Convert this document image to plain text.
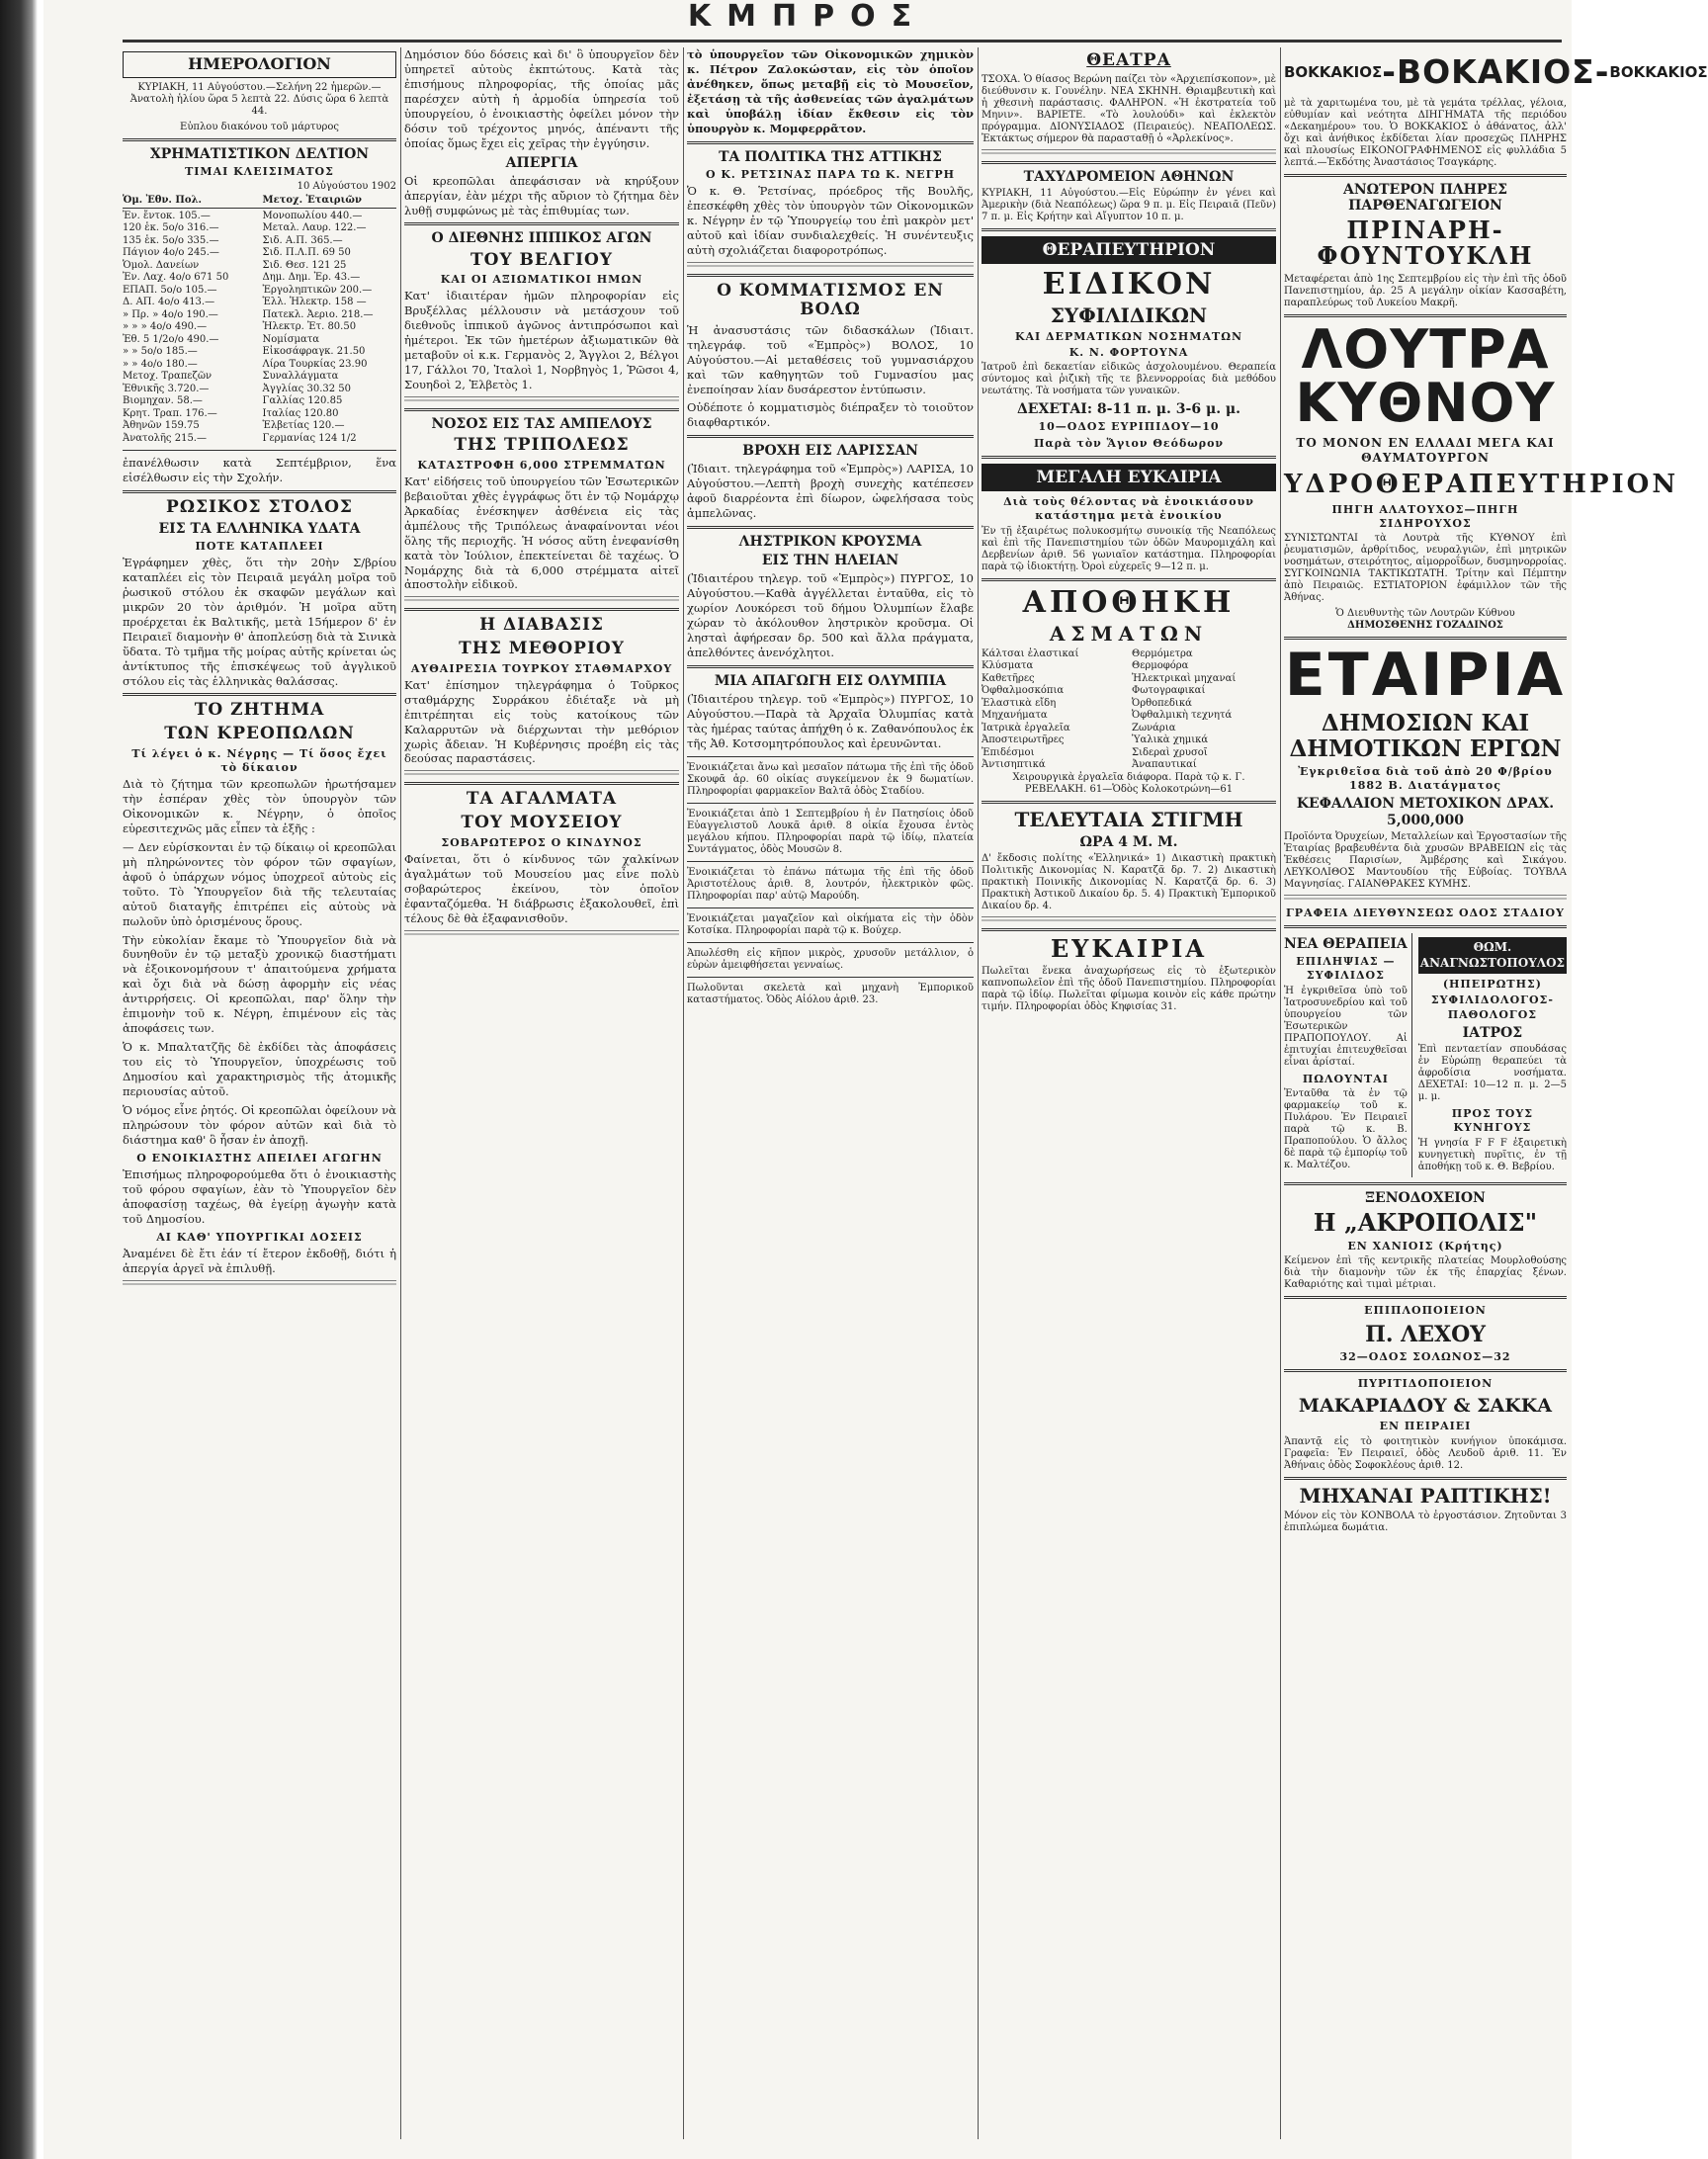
ΚΜΠΡΟΣ
ΗΜΕΡΟΛΟΓΙΟΝ

ΚΥΡΙΑΚΗ, 11 Αὐγούστου.—Σελήνη 22 ἡμερῶν.—Ἀνατολὴ ἡλίου ὥρα 5 λεπτὰ 22. Δύσις ὥρα 6 λεπτὰ 44.

Εὐπλου διακόνου τοῦ μάρτυρος

ΧΡΗΜΑΤΙΣΤΙΚΟΝ ΔΕΛΤΙΟΝ
ΤΙΜΑΙ ΚΛΕΙΣΙΜΑΤΟΣ
10 Αὐγούστου 1902
Ὁμ. Ἐθν. Πολ.	Μετοχ. Ἑταιριῶν
Ἐν. ἔντοκ. 105.—
120 ἑκ. 5ο/ο 316.—
135 ἑκ. 5ο/ο 335.—
Πάγιον 4ο/ο 245.—
Ὁμολ. Δανείων
Ἐν. Λαχ. 4ο/ο 671 50
ΕΠΑΠ. 5ο/ο 105.—
Δ. ΑΠ. 4ο/ο 413.—
» Πρ. » 4ο/ο 190.—
» » » 4ο/ο 490.—
Ἐθ. 5 1/2ο/ο 490.—
» » 5ο/ο 185.—
» » 4ο/ο 180.—
Μετοχ. Τραπεζῶν
Ἐθνικῆς 3.720.—
Βιομηχαν. 58.—
Κρητ. Τραπ. 176.—
Ἀθηνῶν 159.75
Ἀνατολῆς 215.—
Μονοπωλίου 440.—
Μεταλ. Λαυρ. 122.—
Σιδ. Α.Π. 365.—
Σιδ. Π.Λ.Π. 69 50
Σιδ. Θεσ. 121 25
Δημ. Δημ. Ἐρ. 43.—
Ἐργοληπτικῶν 200.—
Ἑλλ. Ἡλεκτρ. 158 —
Πατεκλ. Ἀεριο. 218.—
Ἠλεκτρ. Ἐτ. 80.50
Νομίσματα
Εἰκοσάφραγκ. 21.50
Λίρα Τουρκίας 23.90
Συναλλάγματα
Ἀγγλίας 30.32 50
Γαλλίας 120.85
Ιταλίας 120.80
Ἑλβετίας 120.—
Γερμανίας 124 1/2

ἐπανέλθωσιν κατὰ Σεπτέμβριον, ἕνα εἰσέλθωσιν εἰς τὴν Σχολήν.

ΡΩΣΙΚΟΣ ΣΤΟΛΟΣ
ΕΙΣ ΤΑ ΕΛΛΗΝΙΚΑ ΥΔΑΤΑ
ΠΟΤΕ ΚΑΤΑΠΛΕΕΙ

Ἐγράφημεν χθὲς, ὅτι τὴν 20ὴν Σ/βρίου καταπλέει εἰς τὸν Πειραιᾶ μεγάλη μοῖρα τοῦ ῥωσικοῦ στόλου ἐκ σκαφῶν μεγάλων καὶ μικρῶν 20 τὸν ἀριθμόν. Ἡ μοῖρα αὕτη προέρχεται ἐκ Βαλτικῆς, μετὰ 15ήμερον δ' ἐν Πειραιεῖ διαμονὴν θ' ἀποπλεύσῃ διὰ τὰ Σινικὰ ὕδατα. Τὸ τμῆμα τῆς μοίρας αὐτῆς κρίνεται ὡς ἀντίκτυπος τῆς ἐπισκέψεως τοῦ ἀγγλικοῦ στόλου εἰς τὰς ἑλληνικὰς θαλάσσας.

ΤΟ ΖΗΤΗΜΑ
ΤΩΝ ΚΡΕΟΠΩΛΩΝ
Τί λέγει ὁ κ. Νέγρης — Τί ὅσος ἔχει τὸ δίκαιον

Διὰ τὸ ζήτημα τῶν κρεοπωλῶν ἠρωτήσαμεν τὴν ἑσπέραν χθὲς τὸν ὑπουργὸν τῶν Οἰκονομικῶν κ. Νέγρην, ὁ ὁποῖος εὑρεσιτεχνῶς μᾶς εἶπεν τὰ ἑξῆς :

— Δεν εὑρίσκονται ἐν τῷ δίκαιῳ οἱ κρεοπῶλαι μὴ πληρώνοντες τὸν φόρον τῶν σφαγίων, ἀφοῦ ὁ ὑπάρχων νόμος ὑποχρεοῖ αὐτοὺς εἰς τοῦτο. Τὸ Ὑπουργεῖον διὰ τῆς τελευταίας αὐτοῦ διαταγῆς ἐπιτρέπει εἰς αὐτοὺς νὰ πωλοῦν ὑπὸ ὁρισμένους ὅρους.

Τὴν εὐκολίαν ἔκαμε τὸ Ὑπουργεῖον διὰ νὰ δυνηθοῦν ἐν τῷ μεταξὺ χρονικῷ διαστήματι νὰ ἐξοικονομήσουν τ' ἀπαιτούμενα χρήματα καὶ ὄχι διὰ νὰ δώσῃ ἀφορμὴν εἰς νέας ἀντιρρήσεις. Οἱ κρεοπῶλαι, παρ' ὅλην τὴν ἐπιμονὴν τοῦ κ. Νέγρη, ἐπιμένουν εἰς τὰς ἀποφάσεις των.

Ὁ κ. Μπαλτατζῆς δὲ ἐκδίδει τὰς ἀποφάσεις του εἰς τὸ Ὑπουργεῖον, ὑποχρέωσις τοῦ Δημοσίου καὶ χαρακτηρισμὸς τῆς ἀτομικῆς περιουσίας αὐτοῦ.

Ὁ νόμος εἶνε ῥητός. Οἱ κρεοπῶλαι ὀφείλουν νὰ πληρώσουν τὸν φόρον αὐτῶν καὶ διὰ τὸ διάστημα καθ' ὃ ἦσαν ἐν ἀποχῇ.

Ο ΕΝΟΙΚΙΑΣΤΗΣ ΑΠΕΙΛΕΙ ΑΓΩΓΗΝ

Ἐπισήμως πληροφορούμεθα ὅτι ὁ ἐνοικιαστὴς τοῦ φόρου σφαγίων, ἐὰν τὸ Ὑπουργεῖον δὲν ἀποφασίσῃ ταχέως, θὰ ἐγείρῃ ἀγωγὴν κατὰ τοῦ Δημοσίου.

ΑΙ ΚΑΘ' ΥΠΟΥΡΓΙΚΑΙ ΔΟΣΕΙΣ

Ἀναμένει δὲ ἔτι ἐάν τί ἔτερον ἐκδοθῇ, διότι ἡ ἀπεργία ἀργεῖ νὰ ἐπιλυθῇ.

Δημόσιον δύο δόσεις καὶ δι' ὃ ὑπουργεῖον δὲν ὑπηρετεῖ αὐτοὺς ἐκπτώτους. Κατὰ τὰς ἐπισήμους πληροφορίας, τῆς ὁποίας μᾶς παρέσχεν αὐτὴ ἡ ἀρμοδία ὑπηρεσία τοῦ ὑπουργείου, ὁ ἐνοικιαστὴς ὀφείλει μόνον τὴν δόσιν τοῦ τρέχοντος μηνός, ἀπέναντι τῆς ὁποίας ὅμως ἔχει εἰς χεῖρας τὴν ἐγγύησιν.

ΑΠΕΡΓΙΑ

Οἱ κρεοπῶλαι ἀπεφάσισαν νὰ κηρύξουν ἀπεργίαν, ἐὰν μέχρι τῆς αὔριον τὸ ζήτημα δὲν λυθῇ συμφώνως μὲ τὰς ἐπιθυμίας των.

Ο ΔΙΕΘΝΗΣ ΙΠΠΙΚΟΣ ΑΓΩΝ
ΤΟΥ ΒΕΛΓΙΟΥ
ΚΑΙ ΟΙ ΑΞΙΩΜΑΤΙΚΟΙ ΗΜΩΝ

Κατ' ἰδιαιτέραν ἡμῶν πληροφορίαν εἰς Βρυξέλλας μέλλουσιν νὰ μετάσχουν τοῦ διεθνοῦς ἱππικοῦ ἀγῶνος ἀντιπρόσωποι καὶ ἡμέτεροι. Ἐκ τῶν ἡμετέρων ἀξιωματικῶν θὰ μεταβοῦν οἱ κ.κ. Γερμανὸς 2, Ἄγγλοι 2, Βέλγοι 17, Γάλλοι 70, Ἰταλοὶ 1, Νορβηγὸς 1, Ῥῶσοι 4, Σουηδοὶ 2, Ἑλβετὸς 1.

ΝΟΣΟΣ ΕΙΣ ΤΑΣ ΑΜΠΕΛΟΥΣ
ΤΗΣ ΤΡΙΠΟΛΕΩΣ
ΚΑΤΑΣΤΡΟΦΗ 6,000 ΣΤΡΕΜΜΑΤΩΝ

Κατ' εἰδήσεις τοῦ ὑπουργείου τῶν Ἐσωτερικῶν βεβαιοῦται χθὲς ἐγγράφως ὅτι ἐν τῷ Νομάρχῳ Ἀρκαδίας ἐνέσκηψεν ἀσθένεια εἰς τὰς ἀμπέλους τῆς Τριπόλεως ἀναφαίνονται νέοι ὅλης τῆς περιοχῆς. Ἡ νόσος αὕτη ἐνεφανίσθη κατὰ τὸν Ἰούλιον, ἐπεκτείνεται δὲ ταχέως. Ὁ Νομάρχης διὰ τὰ 6,000 στρέμματα αἰτεῖ ἀποστολὴν εἰδικοῦ.

Η ΔΙΑΒΑΣΙΣ
ΤΗΣ ΜΕΘΟΡΙΟΥ
ΑΥΘΑΙΡΕΣΙΑ ΤΟΥΡΚΟΥ ΣΤΑΘΜΑΡΧΟΥ

Κατ' ἐπίσημον τηλεγράφημα ὁ Τοῦρκος σταθμάρχης Συρράκου ἐδιέταξε νὰ μὴ ἐπιτρέπηται εἰς τοὺς κατοίκους τῶν Καλαρρυτῶν νὰ διέρχωνται τὴν μεθόριον χωρὶς ἄδειαν. Ἡ Κυβέρνησις προέβη εἰς τὰς δεούσας παραστάσεις.

ΤΑ ΑΓΑΛΜΑΤΑ
ΤΟΥ ΜΟΥΣΕΙΟΥ
ΣΟΒΑΡΩΤΕΡΟΣ Ο ΚΙΝΔΥΝΟΣ

Φαίνεται, ὅτι ὁ κίνδυνος τῶν χαλκίνων ἀγαλμάτων τοῦ Μουσείου μας εἶνε πολὺ σοβαρώτερος ἐκείνου, τὸν ὁποῖον ἐφανταζόμεθα. Ἡ διάβρωσις ἐξακολουθεῖ, ἐπὶ τέλους δὲ θὰ ἐξαφανισθοῦν.

τὸ ὑπουργεῖον τῶν Οἰκονομικῶν χημικὸν κ. Πέτρον Ζαλοκώσταν, εἰς τὸν ὁποῖον ἀνέθηκεν, ὅπως μεταβῇ εἰς τὸ Μουσεῖον, ἐξετάσῃ τὰ τῆς ἀσθενείας τῶν ἀγαλμάτων καὶ ὑποβάλῃ ἰδίαν ἔκθεσιν εἰς τὸν ὑπουργὸν κ. Μομφερρᾶτον.

ΤΑ ΠΟΛΙΤΙΚΑ ΤΗΣ ΑΤΤΙΚΗΣ
Ο Κ. ΡΕΤΣΙΝΑΣ ΠΑΡΑ ΤΩ Κ. ΝΕΓΡΗ

Ὁ κ. Θ. Ῥετσίνας, πρόεδρος τῆς Βουλῆς, ἐπεσκέφθη χθὲς τὸν ὑπουργὸν τῶν Οἰκονομικῶν κ. Νέγρην ἐν τῷ Ὑπουργείῳ του ἐπὶ μακρὸν μετ' αὐτοῦ καὶ ἰδίαν συνδιαλεχθείς. Ἡ συνέντευξις αὐτὴ σχολιάζεται διαφοροτρόπως.

Ο ΚΟΜΜΑΤΙΣΜΟΣ ΕΝ ΒΟΛΩ

Ἡ ἀνασυστάσις τῶν διδασκάλων (Ἰδιαιτ. τηλεγράφ. τοῦ «Ἐμπρὸς») ΒΟΛΟΣ, 10 Αὐγούστου.—Αἱ μεταθέσεις τοῦ γυμνασιάρχου καὶ τῶν καθηγητῶν τοῦ Γυμνασίου μας ἐνεποίησαν λίαν δυσάρεστον ἐντύπωσιν.

Οὐδέποτε ὁ κομματισμὸς διέπραξεν τὸ τοιοῦτον διαφθαρτικόν.

ΒΡΟΧΗ ΕΙΣ ΛΑΡΙΣΣΑΝ

(Ἰδιαιτ. τηλεγράφημα τοῦ «Ἐμπρὸς») ΛΑΡΙΣΑ, 10 Αὐγούστου.—Λεπτὴ βροχὴ συνεχὴς κατέπεσεν ἀφοῦ διαρρέοντα ἐπὶ δίωρον, ὠφελήσασα τοὺς ἀμπελῶνας.

ΛΗΣΤΡΙΚΟΝ ΚΡΟΥΣΜΑ
ΕΙΣ ΤΗΝ ΗΛΕΙΑΝ

(Ἰδιαιτέρου τηλεγρ. τοῦ «Ἐμπρὸς») ΠΥΡΓΟΣ, 10 Αὐγούστου.—Καθὰ ἀγγέλλεται ἐνταῦθα, εἰς τὸ χωρίον Λουκόρεσι τοῦ δήμου Ὀλυμπίων ἔλαβε χώραν τὸ ἀκόλουθον ληστρικὸν κροῦσμα. Οἱ λησταὶ ἀφήρεσαν δρ. 500 καὶ ἄλλα πράγματα, ἀπελθόντες ἀνενόχλητοι.

ΜΙΑ ΑΠΑΓΩΓΗ ΕΙΣ ΟΛΥΜΠΙΑ

(Ἰδιαιτέρου τηλεγρ. τοῦ «Ἐμπρὸς») ΠΥΡΓΟΣ, 10 Αὐγούστου.—Παρὰ τὰ Ἀρχαῖα Ὀλυμπίας κατὰ τὰς ἡμέρας ταύτας ἀπήχθη ὁ κ. Ζαθανόπουλος ἐκ τῆς Ἀθ. Κοτσομητρόπουλος καὶ ἐρευνῶνται.

Ἐνοικιάζεται ἄνω καὶ μεσαῖον πάτωμα τῆς ἐπὶ τῆς ὁδοῦ Σκουφᾶ ἀρ. 60 οἰκίας συγκείμενον ἐκ 9 δωματίων. Πληροφορίαι φαρμακεῖον Βαλτᾶ ὁδὸς Σταδίου.

Ἐνοικιάζεται ἀπὸ 1 Σεπτεμβρίου ἡ ἐν Πατησίοις ὁδοῦ Εὐαγγελιστοῦ Λουκᾶ ἀριθ. 8 οἰκία ἔχουσα ἐντὸς μεγάλου κήπου. Πληροφορίαι παρὰ τῷ ἰδίῳ, πλατεία Συντάγματος, ὁδὸς Μουσῶν 8.

Ἐνοικιάζεται τὸ ἐπάνω πάτωμα τῆς ἐπὶ τῆς ὁδοῦ Ἀριστοτέλους ἀριθ. 8, λουτρόν, ἠλεκτρικὸν φῶς. Πληροφορίαι παρ' αὐτῷ Μαρούδη.

Ἐνοικιάζεται μαγαζεῖον καὶ οἰκήματα εἰς τὴν ὁδὸν Κοτσίκα. Πληροφορίαι παρὰ τῷ κ. Βούχερ.

Ἀπωλέσθη εἰς κῆπον μικρὸς, χρυσοῦν μετάλλιον, ὁ εὑρὼν ἀμειφθήσεται γενναίως.

Πωλοῦνται σκελετὰ καὶ μηχανὴ Ἐμπορικοῦ καταστήματος. Ὁδὸς Αἰόλου ἀριθ. 23.

ΘΕΑΤΡΑ

ΤΣΟΧΑ. Ὁ θίασος Βερώνη παίζει τὸν «Ἀρχιεπίσκοπον», μὲ διεύθυνσιν κ. Γουνέλην. ΝΕΑ ΣΚΗΝΗ. Θριαμβευτικὴ καὶ ἡ χθεσινὴ παράστασις. ΦΑΛΗΡΟΝ. «Ἡ ἐκστρατεία τοῦ Μηνιν». ΒΑΡΙΕΤΕ. «Τὸ λουλούδι» καὶ ἐκλεκτὸν πρόγραμμα. ΔΙΟΝΥΣΙΑΔΟΣ (Πειραιεύς). ΝΕΑΠΟΛΕΩΣ. Ἐκτάκτως σήμερον θὰ παρασταθῇ ὁ «Ἀρλεκίνος».

ΤΑΧΥΔΡΟΜΕΙΟΝ ΑΘΗΝΩΝ

ΚΥΡΙΑΚΗ, 11 Αὐγούστου.—Εἰς Εὐρώπην ἐν γένει καὶ Ἀμερικὴν (διὰ Νεαπόλεως) ὥρα 9 π. μ. Εἰς Πειραιᾶ (Πεῦν) 7 π. μ. Εἰς Κρήτην καὶ Αἴγυπτον 10 π. μ.

ΘΕΡΑΠΕΥΤΗΡΙΟΝ
ΕΙΔΙΚΟΝ
ΣΥΦΙΛΙΔΙΚΩΝ
ΚΑΙ ΔΕΡΜΑΤΙΚΩΝ ΝΟΣΗΜΑΤΩΝ
Κ. Ν. ΦΟΡΤΟΥΝΑ

Ἰατροῦ ἐπὶ δεκαετίαν εἰδικῶς ἀσχολουμένου. Θεραπεία σύντομος καὶ ῥιζικὴ τῆς τε βλεννορροίας διὰ μεθόδου νεωτάτης. Τὰ νοσήματα τῶν γυναικῶν.

ΔΕΧΕΤΑΙ: 8-11 π. μ. 3-6 μ. μ.
10—ΟΔΟΣ ΕΥΡΙΠΙΔΟΥ—10
Παρὰ τὸν Ἅγιον Θεόδωρον
ΜΕΓΑΛΗ ΕΥΚΑΙΡΙΑ
Διὰ τοὺς θέλοντας νὰ ἐνοικιάσουν κατάστημα μετὰ ἐνοικίου

Ἐν τῇ ἐξαιρέτως πολυκοσμήτῳ συνοικίᾳ τῆς Νεαπόλεως καὶ ἐπὶ τῆς Πανεπιστημίου τῶν ὁδῶν Μαυρομιχάλη καὶ Δερβενίων ἀριθ. 56 γωνιαῖον κατάστημα. Πληροφορίαι παρὰ τῷ ἰδιοκτήτῃ. Ὀροὶ εὐχερεῖς 9—12 π. μ.

ΑΠΟΘΗΚΗ
ΑΣΜΑΤΩΝ
Κάλτσαι ἐλαστικαί
Κλύσματα
Καθετῆρες
Ὀφθαλμοσκόπια
Ἐλαστικὰ εἴδη
Μηχανήματα
Ἰατρικὰ ἐργαλεῖα
Ἀποστειρωτῆρες
Ἐπιδέσμοι
Ἀντισηπτικά
Θερμόμετρα
Θερμοφόρα
Ἠλεκτρικαὶ μηχαναί
Φωτογραφικαί
Ὀρθοπεδικά
Ὀφθαλμικὴ τεχνητά
Ζωνάρια
Ὑαλικὰ χημικά
Σιδεραὶ χρυσοῖ
Ἀναπαυτικαί

Χειρουργικὰ ἐργαλεῖα διάφορα. Παρὰ τῷ κ. Γ. ΡΕΒΕΛΑΚΗ. 61—Ὁδὸς Κολοκοτρώνη—61

ΤΕΛΕΥΤΑΙΑ ΣΤΙΓΜΗ
ΩΡΑ 4 Μ. Μ.

Δ' ἔκδοσις πολίτης «Ἑλληνικά» 1) Δικαστικὴ πρακτικὴ Πολιτικῆς Δικονομίας Ν. Καρατζᾶ δρ. 7. 2) Δικαστικὴ πρακτικὴ Ποινικῆς Δικονομίας Ν. Καρατζᾶ δρ. 6. 3) Πρακτικὴ Ἀστικοῦ Δικαίου δρ. 5. 4) Πρακτικὴ Ἐμπορικοῦ Δικαίου δρ. 4.

ΕΥΚΑΙΡΙΑ

Πωλεῖται ἕνεκα ἀναχωρήσεως εἰς τὸ ἐξωτερικὸν καπνοπωλεῖον ἐπὶ τῆς ὁδοῦ Πανεπιστημίου. Πληροφορίαι παρὰ τῷ ἰδίῳ. Πωλεῖται φίμωμα κοινὸν εἰς κάθε πρώτην τιμήν. Πληροφορίαι ὁδὸς Κηφισίας 31.

ΒΟΚΚΑΚΙΟΣ -ΒΟΚΑΚΙΟΣ- ΒΟΚΚΑΚΙΟΣ

μὲ τὰ χαριτωμένα του, μὲ τὰ γεμάτα τρέλλας, γέλοια, εὐθυμίαν καὶ νεότητα ΔΙΗΓΗΜΑΤΑ τῆς περιόδου «Δεκαημέρου» του. Ὁ ΒΟΚΚΑΚΙΟΣ ὁ ἀθάνατος, ἀλλ' ὄχι καὶ ἀνήθικος ἐκδίδεται λίαν προσεχῶς ΠΛΗΡΗΣ καὶ πλουσίως ΕΙΚΟΝΟΓΡΑΦΗΜΕΝΟΣ εἰς φυλλάδια 5 λεπτά.—Ἐκδότης Ἀναστάσιος Τσαγκάρης.

ΑΝΩΤΕΡΟΝ ΠΛΗΡΕΣ ΠΑΡΘΕΝΑΓΩΓΕΙΟΝ
ΠΡΙΝΑΡΗ-ΦΟΥΝΤΟΥΚΛΗ

Μεταφέρεται ἀπὸ 1ης Σεπτεμβρίου εἰς τὴν ἐπὶ τῆς ὁδοῦ Πανεπιστημίου, ἀρ. 25 Α μεγάλην οἰκίαν Κασσαβέτη, παραπλεύρως τοῦ Λυκείου Μακρῆ.

ΛΟΥΤΡΑ ΚΥΘΝΟΥ
ΤΟ ΜΟΝΟΝ ΕΝ ΕΛΛΑΔΙ ΜΕΓΑ ΚΑΙ ΘΑΥΜΑΤΟΥΡΓΟΝ
ΥΔΡΟΘΕΡΑΠΕΥΤΗΡΙΟΝ
ΠΗΓΗ ΑΛΑΤΟΥΧΟΣ—ΠΗΓΗ ΣΙΔΗΡΟΥΧΟΣ

ΣΥΝΙΣΤΩΝΤΑΙ τὰ Λουτρὰ τῆς ΚΥΘΝΟΥ ἐπὶ ῥευματισμῶν, ἀρθρίτιδος, νευραλγιῶν, ἐπὶ μητρικῶν νοσημάτων, στειρότητος, αἰμορροΐδων, δυσμηνορροίας. ΣΥΓΚΟΙΝΩΝΙΑ ΤΑΚΤΙΚΩΤΑΤΗ. Τρίτην καὶ Πέμπτην ἀπὸ Πειραιῶς. ΕΣΤΙΑΤΟΡΙΟΝ ἐφάμιλλον τῶν τῆς Ἀθήνας.

Ὁ Διευθυντὴς τῶν Λουτρῶν Κύθνου
ΔΗΜΟΣΘΕΝΗΣ ΓΟΖΑΔΙΝΟΣ
ΕΤΑΙΡΙΑ
ΔΗΜΟΣΙΩΝ ΚΑΙ ΔΗΜΟΤΙΚΩΝ ΕΡΓΩΝ
Ἐγκριθεῖσα διὰ τοῦ ἀπὸ 20 Φ/βρίου 1882 Β. Διατάγματος
ΚΕΦΑΛΑΙΟΝ ΜΕΤΟΧΙΚΟΝ ΔΡΑΧ. 5,000,000

Προϊόντα Ὀρυχείων, Μεταλλείων καὶ Ἐργοστασίων τῆς Ἑταιρίας βραβευθέντα διὰ χρυσῶν ΒΡΑΒΕΙΩΝ εἰς τὰς Ἐκθέσεις Παρισίων, Ἀμβέρσης καὶ Σικάγου. ΛΕΥΚΟΛΙΘΟΣ Μαντουδίου τῆς Εὐβοίας. ΤΟΥΒΛΑ Μαγνησίας. ΓΑΙΑΝΘΡΑΚΕΣ ΚΥΜΗΣ.

ΓΡΑΦΕΙΑ ΔΙΕΥΘΥΝΣΕΩΣ ΟΔΟΣ ΣΤΑΔΙΟΥ
ΝΕΑ ΘΕΡΑΠΕΙΑ
ΕΠΙΛΗΨΙΑΣ — ΣΥΦΙΛΙΔΟΣ

Ἡ ἐγκριθεῖσα ὑπὸ τοῦ Ἰατροσυνεδρίου καὶ τοῦ ὑπουργείου τῶν Ἐσωτερικῶν ΠΡΑΠΟΠΟΥΛΟΥ. Αἱ ἐπιτυχίαι ἐπιτευχθεῖσαι εἶναι ἀρίσταί.

ΠΩΛΟΥΝΤΑΙ

Ἐνταῦθα τὰ ἐν τῷ φαρμακείῳ τοῦ κ. Πυλάρου. Ἐν Πειραιεῖ παρὰ τῷ κ. Β. Πραποπούλου. Ὁ ἄλλος δὲ παρὰ τῷ ἐμπορίῳ τοῦ κ. Μαλτέζου.

ΘΩΜ. ΑΝΑΓΝΩΣΤΟΠΟΥΛΟΣ
(ΗΠΕΙΡΩΤΗΣ)
ΣΥΦΙΛΙΔΟΛΟΓΟΣ-ΠΑΘΟΛΟΓΟΣ
ΙΑΤΡΟΣ

Ἐπὶ πενταετίαν σπουδάσας ἐν Εὐρώπῃ θεραπεύει τὰ ἀφροδίσια νοσήματα. ΔΕΧΕΤΑΙ: 10—12 π. μ. 2—5 μ. μ.

ΠΡΟΣ ΤΟΥΣ ΚΥΝΗΓΟΥΣ

Ἡ γνησία F F F ἐξαιρετικὴ κυνηγετικὴ πυρῖτις, ἐν τῇ ἀποθήκῃ τοῦ κ. Θ. Βεβρίου.

ΞΕΝΟΔΟΧΕΙΟΝ
Η „ΑΚΡΟΠΟΛΙΣ"
ΕΝ ΧΑΝΙΟΙΣ (Κρήτης)

Κείμενον ἐπὶ τῆς κεντρικῆς πλατείας Μουρλοθούσης διὰ τὴν διαμονὴν τῶν ἐκ τῆς ἐπαρχίας ξένων. Καθαριότης καὶ τιμαὶ μέτριαι.

ΕΠΙΠΛΟΠΟΙΕΙΟΝ
Π. ΛΕΧΟΥ
32—ΟΔΟΣ ΣΟΛΩΝΟΣ—32
ΠΥΡΙΤΙΔΟΠΟΙΕΙΟΝ
ΜΑΚΑΡΙΑΔΟΥ & ΣΑΚΚΑ
ΕΝ ΠΕΙΡΑΙΕΙ

Ἀπαντᾷ εἰς τὸ φοιτητικὸν κυνήγιον ὑποκάμισα. Γραφεῖα: Ἐν Πειραιεῖ, ὁδὸς Λευδοῦ ἀριθ. 11. Ἐν Ἀθήναις ὁδὸς Σοφοκλέους ἀριθ. 12.

ΜΗΧΑΝΑΙ ΡΑΠΤΙΚΗΣ!

Μόνον εἰς τὸν ΚΟΝΒΟΛΑ τὸ ἐργοστάσιον. Ζητοῦνται 3 ἐπιπλώμεα δωμάτια.
